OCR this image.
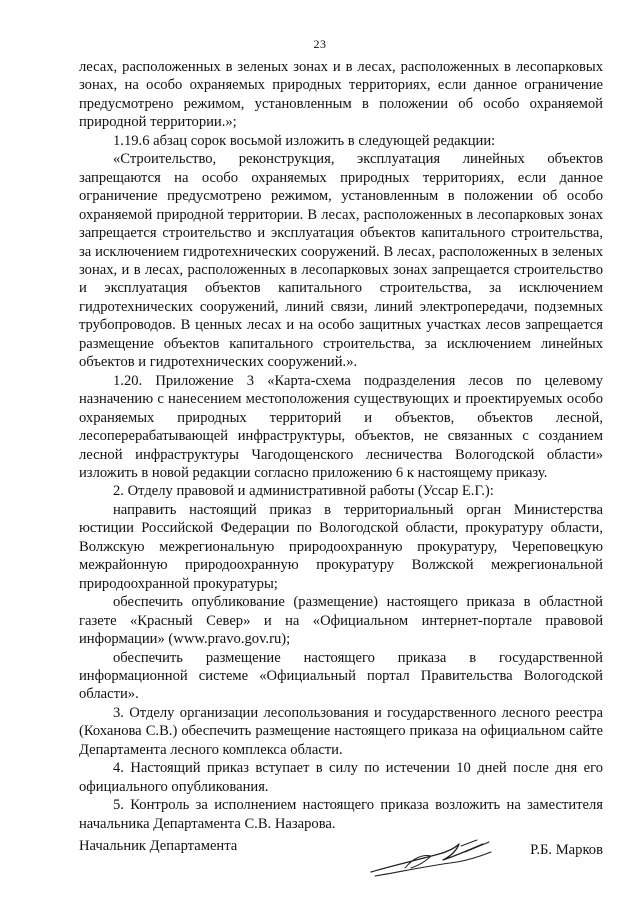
23

лесах, расположенных в зеленых зонах и в лесах, расположенных в лесопарковых зонах, на особо охраняемых природных территориях, если данное ограничение предусмотрено режимом, установленным в положении об особо охраняемой природной территории.»;

1.19.6 абзац сорок восьмой изложить в следующей редакции:

«Строительство, реконструкция, эксплуатация линейных объектов запрещаются на особо охраняемых природных территориях, если данное ограничение предусмотрено режимом, установленным в положении об особо охраняемой природной территории. В лесах, расположенных в лесопарковых зонах запрещается строительство и эксплуатация объектов капитального строительства, за исключением гидротехнических сооружений. В лесах, расположенных в зеленых зонах, и в лесах, расположенных в лесопарковых зонах запрещается строительство и эксплуатация объектов капитального строительства, за исключением гидротехнических сооружений, линий связи, линий электропередачи, подземных трубопроводов. В ценных лесах и на особо защитных участках лесов запрещается размещение объектов капитального строительства, за исключением линейных объектов и гидротехнических сооружений.».

1.20. Приложение 3 «Карта-схема подразделения лесов по целевому назначению с нанесением местоположения существующих и проектируемых особо охраняемых природных территорий и объектов, объектов лесной, лесоперерабатывающей инфраструктуры, объектов, не связанных с созданием лесной инфраструктуры Чагодощенского лесничества Вологодской области» изложить в новой редакции согласно приложению 6 к настоящему приказу.

2. Отделу правовой и административной работы (Уссар Е.Г.):

направить настоящий приказ в территориальный орган Министерства юстиции Российской Федерации по Вологодской области, прокуратуру области, Волжскую межрегиональную природоохранную прокуратуру, Череповецкую межрайонную природоохранную прокуратуру Волжской межрегиональной природоохранной прокуратуры;

обеспечить опубликование (размещение) настоящего приказа в областной газете «Красный Север» и на «Официальном интернет-портале правовой информации» (www.pravo.gov.ru);

обеспечить размещение настоящего приказа в государственной информационной системе «Официальный портал Правительства Вологодской области».

3. Отделу организации лесопользования и государственного лесного реестра (Коханова С.В.) обеспечить размещение настоящего приказа на официальном сайте Департамента лесного комплекса области.

4. Настоящий приказ вступает в силу по истечении 10 дней после дня его официального опубликования.

5. Контроль за исполнением настоящего приказа возложить на заместителя начальника Департамента С.В. Назарова.

Начальник Департамента	Р.Б. Марков
